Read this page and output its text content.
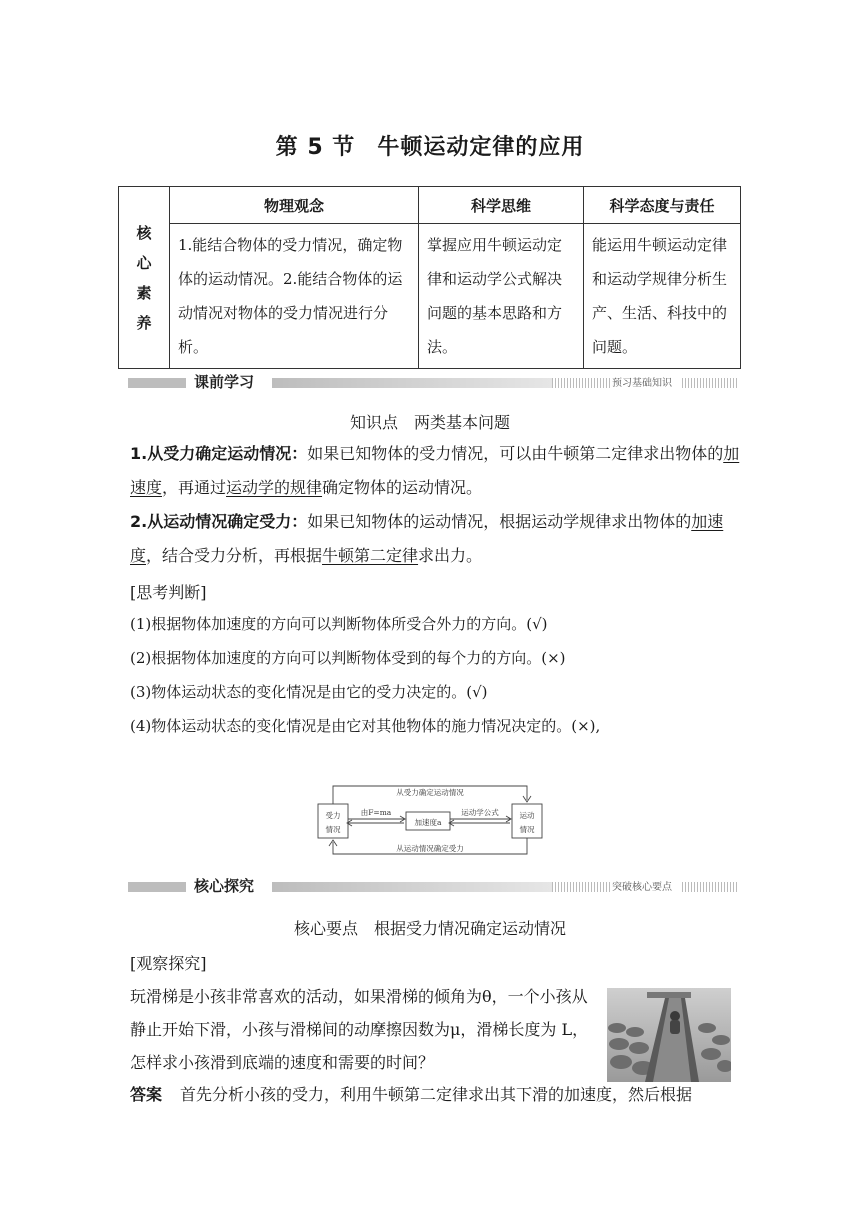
第 5 节 牛顿运动定律的应用
核
心
素
养	物理观念	科学思维	科学态度与责任
	1.能结合物体的受力情况，确定物体的运动情况。2.能结合物体的运动情况对物体的受力情况进行分析。	掌握应用牛顿运动定律和运动学公式解决问题的基本思路和方法。	能运用牛顿运动定律和运动学规律分析生产、生活、科技中的问题。
课前学习	预习基础知识
知识点 两类基本问题
1.从受力确定运动情况：如果已知物体的受力情况，可以由牛顿第二定律求出物体的加速度，再通过运动学的规律确定物体的运动情况。
2.从运动情况确定受力：如果已知物体的运动情况，根据运动学规律求出物体的加速度，结合受力分析，再根据牛顿第二定律求出力。
[思考判断]
(1)根据物体加速度的方向可以判断物体所受合外力的方向。(√)
(2)根据物体加速度的方向可以判断物体受到的每个力的方向。(×)
(3)物体运动状态的变化情况是由它的受力决定的。(√)
(4)物体运动状态的变化情况是由它对其他物体的施力情况决定的。(×),
从受力确定运动情况
从运动情况确定受力
受力
情况
运动
情况
加速度a
由F=ma	运动学公式
核心探究	突破核心要点
核心要点 根据受力情况确定运动情况
[观察探究]
玩滑梯是小孩非常喜欢的活动，如果滑梯的倾角为θ，一个小孩从静止开始下滑，小孩与滑梯间的动摩擦因数为μ，滑梯长度为 L，怎样求小孩滑到底端的速度和需要的时间？
答案 首先分析小孩的受力，利用牛顿第二定律求出其下滑的加速度，然后根据
